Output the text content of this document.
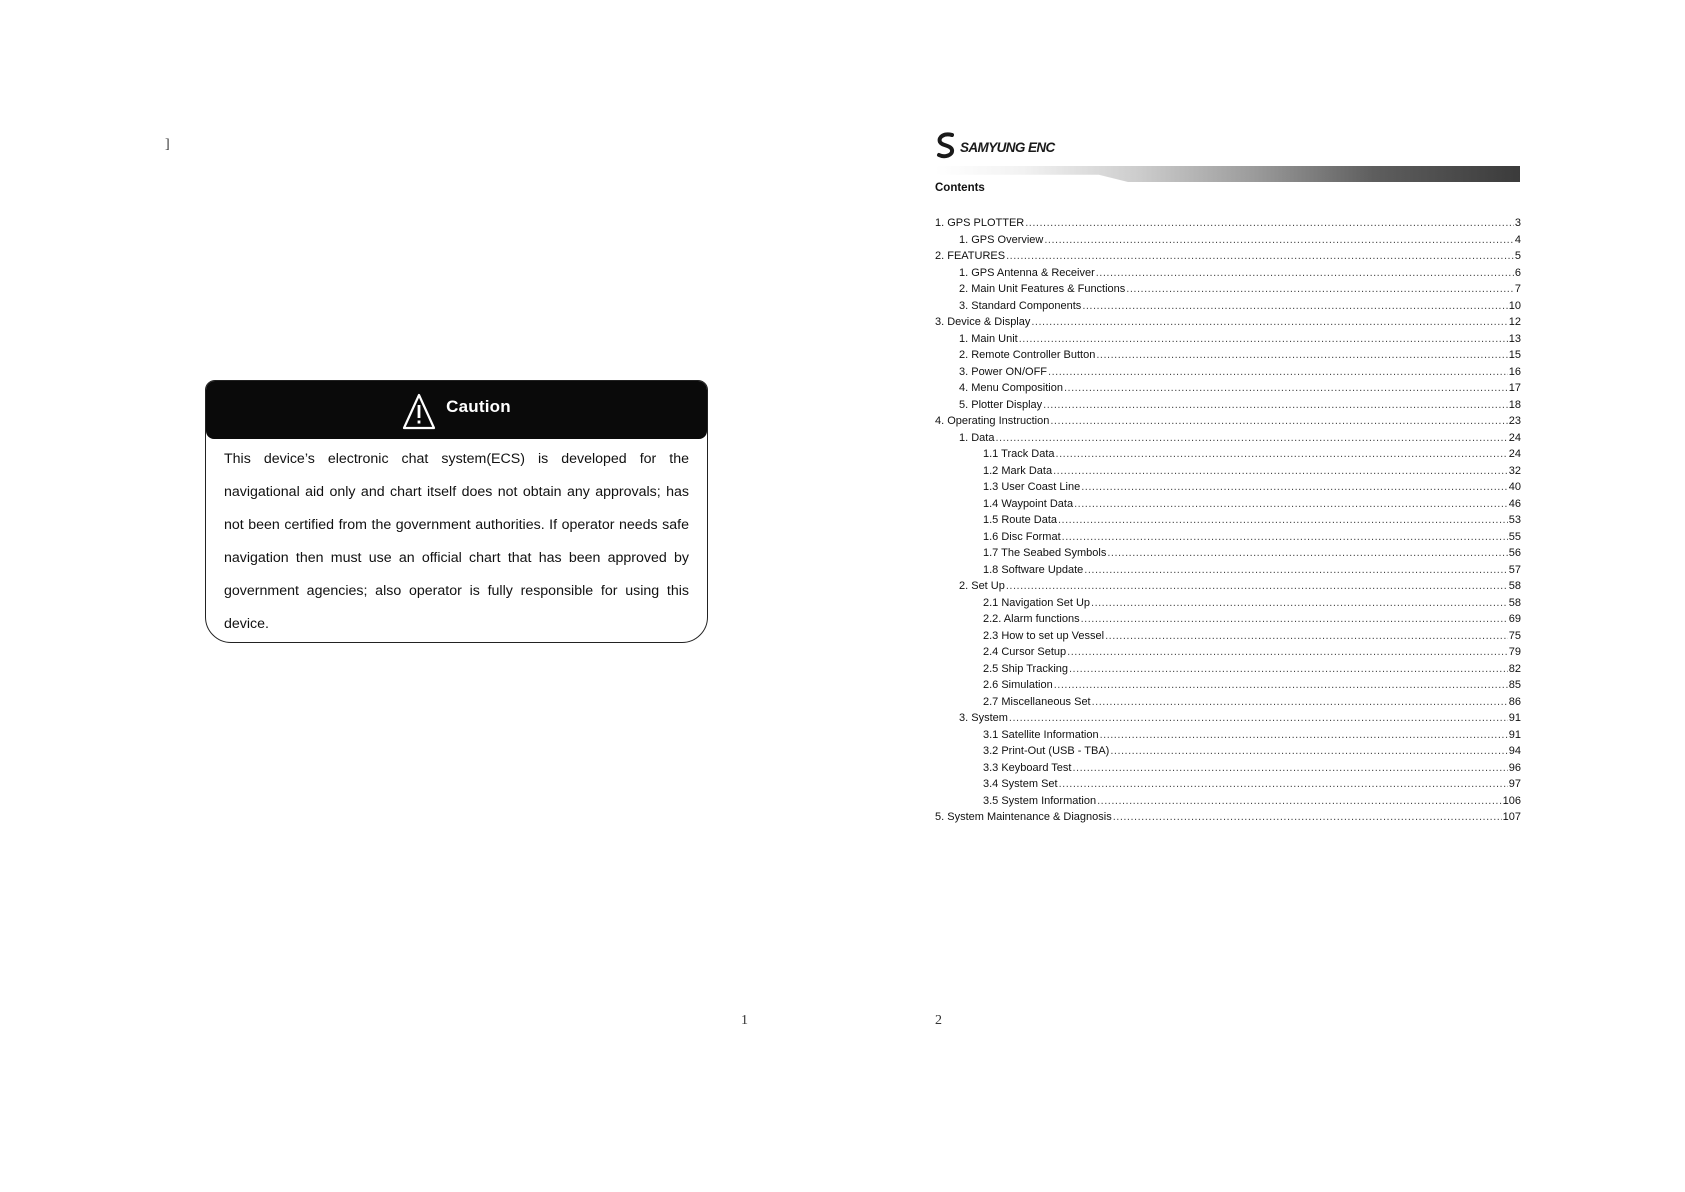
]
Caution
This device’s electronic chat system(ECS) is developed for the navigational aid only and chart itself does not obtain any approvals; has not been certified from the government authorities. If operator needs safe navigation then must use an official chart that has been approved by government agencies; also operator is fully responsible for using this device.
1
SAMYUNG ENC
Contents
1. GPS PLOTTER .....	3
1. GPS Overview .....	4
2. FEATURES .....	5
1. GPS Antenna & Receiver .....	6
2. Main Unit Features & Functions .....	7
3. Standard Components .....	10
3. Device & Display .....	12
1. Main Unit .....	13
2. Remote Controller Button .....	15
3. Power ON/OFF .....	16
4. Menu Composition .....	17
5. Plotter Display .....	18
4. Operating Instruction .....	23
1. Data .....	24
1.1 Track Data .....	24
1.2 Mark Data .....	32
1.3 User Coast Line .....	40
1.4 Waypoint Data .....	46
1.5 Route Data .....	53
1.6 Disc Format .....	55
1.7 The Seabed Symbols .....	56
1.8 Software Update .....	57
2. Set Up .....	58
2.1 Navigation Set Up .....	58
2.2. Alarm functions .....	69
2.3 How to set up Vessel .....	75
2.4 Cursor Setup .....	79
2.5 Ship Tracking .....	82
2.6 Simulation .....	85
2.7 Miscellaneous Set .....	86
3. System .....	91
3.1 Satellite Information .....	91
3.2 Print-Out (USB - TBA) .....	94
3.3 Keyboard Test .....	96
3.4 System Set .....	97
3.5 System Information .....	106
5. System Maintenance & Diagnosis .....	107
2
